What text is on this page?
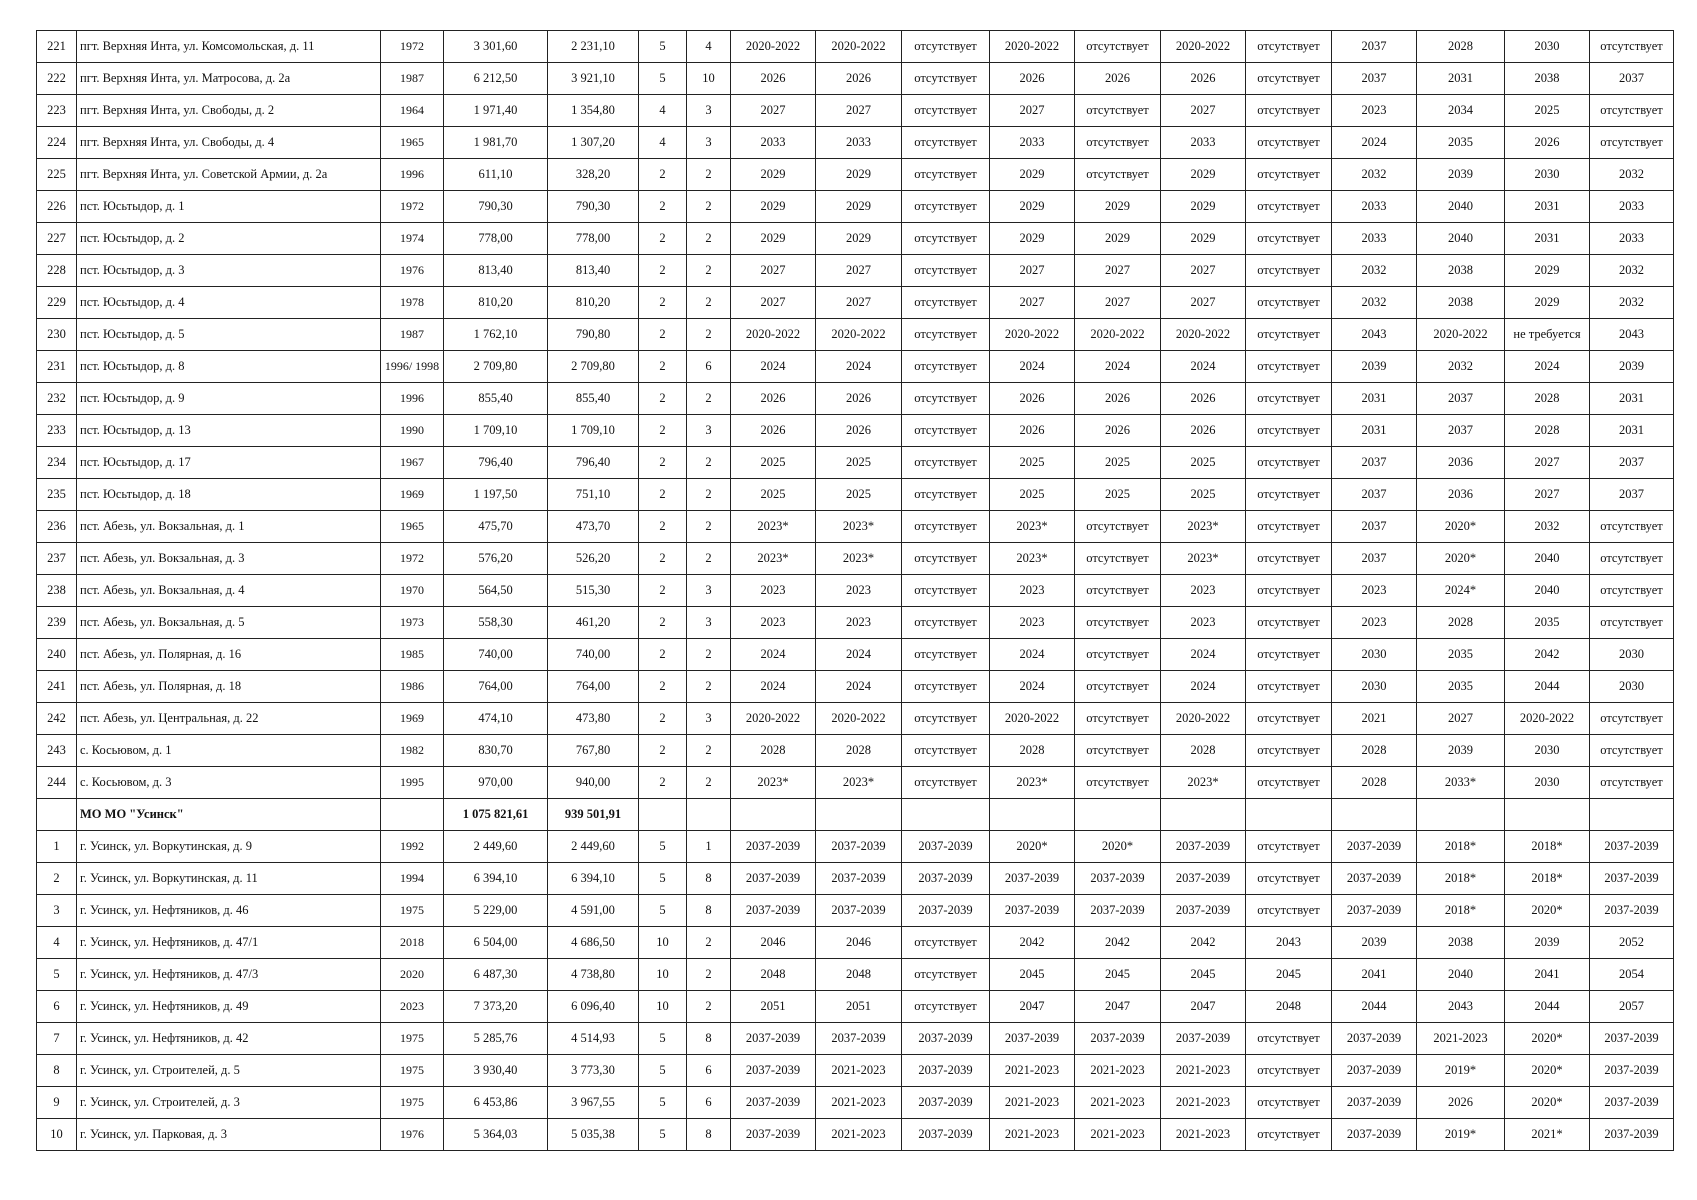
221	пгт. Верхняя Инта, ул. Комсомольская, д. 11	1972	3 301,60	2 231,10	5	4	2020-2022	2020-2022	отсутствует	2020-2022	отсутствует	2020-2022	отсутствует	2037	2028	2030	отсутствует
222	пгт. Верхняя Инта, ул. Матросова, д. 2а	1987	6 212,50	3 921,10	5	10	2026	2026	отсутствует	2026	2026	2026	отсутствует	2037	2031	2038	2037
223	пгт. Верхняя Инта, ул. Свободы, д. 2	1964	1 971,40	1 354,80	4	3	2027	2027	отсутствует	2027	отсутствует	2027	отсутствует	2023	2034	2025	отсутствует
224	пгт. Верхняя Инта, ул. Свободы, д. 4	1965	1 981,70	1 307,20	4	3	2033	2033	отсутствует	2033	отсутствует	2033	отсутствует	2024	2035	2026	отсутствует
225	пгт. Верхняя Инта, ул. Советской Армии, д. 2а	1996	611,10	328,20	2	2	2029	2029	отсутствует	2029	отсутствует	2029	отсутствует	2032	2039	2030	2032
226	пст. Юсьтыдор, д. 1	1972	790,30	790,30	2	2	2029	2029	отсутствует	2029	2029	2029	отсутствует	2033	2040	2031	2033
227	пст. Юсьтыдор, д. 2	1974	778,00	778,00	2	2	2029	2029	отсутствует	2029	2029	2029	отсутствует	2033	2040	2031	2033
228	пст. Юсьтыдор, д. 3	1976	813,40	813,40	2	2	2027	2027	отсутствует	2027	2027	2027	отсутствует	2032	2038	2029	2032
229	пст. Юсьтыдор, д. 4	1978	810,20	810,20	2	2	2027	2027	отсутствует	2027	2027	2027	отсутствует	2032	2038	2029	2032
230	пст. Юсьтыдор, д. 5	1987	1 762,10	790,80	2	2	2020-2022	2020-2022	отсутствует	2020-2022	2020-2022	2020-2022	отсутствует	2043	2020-2022	не требуется	2043
231	пст. Юсьтыдор, д. 8	1996/ 1998	2 709,80	2 709,80	2	6	2024	2024	отсутствует	2024	2024	2024	отсутствует	2039	2032	2024	2039
232	пст. Юсьтыдор, д. 9	1996	855,40	855,40	2	2	2026	2026	отсутствует	2026	2026	2026	отсутствует	2031	2037	2028	2031
233	пст. Юсьтыдор, д. 13	1990	1 709,10	1 709,10	2	3	2026	2026	отсутствует	2026	2026	2026	отсутствует	2031	2037	2028	2031
234	пст. Юсьтыдор, д. 17	1967	796,40	796,40	2	2	2025	2025	отсутствует	2025	2025	2025	отсутствует	2037	2036	2027	2037
235	пст. Юсьтыдор, д. 18	1969	1 197,50	751,10	2	2	2025	2025	отсутствует	2025	2025	2025	отсутствует	2037	2036	2027	2037
236	пст. Абезь, ул. Вокзальная, д. 1	1965	475,70	473,70	2	2	2023*	2023*	отсутствует	2023*	отсутствует	2023*	отсутствует	2037	2020*	2032	отсутствует
237	пст. Абезь, ул. Вокзальная, д. 3	1972	576,20	526,20	2	2	2023*	2023*	отсутствует	2023*	отсутствует	2023*	отсутствует	2037	2020*	2040	отсутствует
238	пст. Абезь, ул. Вокзальная, д. 4	1970	564,50	515,30	2	3	2023	2023	отсутствует	2023	отсутствует	2023	отсутствует	2023	2024*	2040	отсутствует
239	пст. Абезь, ул. Вокзальная, д. 5	1973	558,30	461,20	2	3	2023	2023	отсутствует	2023	отсутствует	2023	отсутствует	2023	2028	2035	отсутствует
240	пст. Абезь, ул. Полярная, д. 16	1985	740,00	740,00	2	2	2024	2024	отсутствует	2024	отсутствует	2024	отсутствует	2030	2035	2042	2030
241	пст. Абезь, ул. Полярная, д. 18	1986	764,00	764,00	2	2	2024	2024	отсутствует	2024	отсутствует	2024	отсутствует	2030	2035	2044	2030
242	пст. Абезь, ул. Центральная, д. 22	1969	474,10	473,80	2	3	2020-2022	2020-2022	отсутствует	2020-2022	отсутствует	2020-2022	отсутствует	2021	2027	2020-2022	отсутствует
243	с. Косьювом, д. 1	1982	830,70	767,80	2	2	2028	2028	отсутствует	2028	отсутствует	2028	отсутствует	2028	2039	2030	отсутствует
244	с. Косьювом, д. 3	1995	970,00	940,00	2	2	2023*	2023*	отсутствует	2023*	отсутствует	2023*	отсутствует	2028	2033*	2030	отсутствует
	МО МО "Усинск"		1 075 821,61	939 501,91													
1	г. Усинск, ул. Воркутинская, д. 9	1992	2 449,60	2 449,60	5	1	2037-2039	2037-2039	2037-2039	2020*	2020*	2037-2039	отсутствует	2037-2039	2018*	2018*	2037-2039
2	г. Усинск, ул. Воркутинская, д. 11	1994	6 394,10	6 394,10	5	8	2037-2039	2037-2039	2037-2039	2037-2039	2037-2039	2037-2039	отсутствует	2037-2039	2018*	2018*	2037-2039
3	г. Усинск, ул. Нефтяников, д. 46	1975	5 229,00	4 591,00	5	8	2037-2039	2037-2039	2037-2039	2037-2039	2037-2039	2037-2039	отсутствует	2037-2039	2018*	2020*	2037-2039
4	г. Усинск, ул. Нефтяников, д. 47/1	2018	6 504,00	4 686,50	10	2	2046	2046	отсутствует	2042	2042	2042	2043	2039	2038	2039	2052
5	г. Усинск, ул. Нефтяников, д. 47/3	2020	6 487,30	4 738,80	10	2	2048	2048	отсутствует	2045	2045	2045	2045	2041	2040	2041	2054
6	г. Усинск, ул. Нефтяников, д. 49	2023	7 373,20	6 096,40	10	2	2051	2051	отсутствует	2047	2047	2047	2048	2044	2043	2044	2057
7	г. Усинск, ул. Нефтяников, д. 42	1975	5 285,76	4 514,93	5	8	2037-2039	2037-2039	2037-2039	2037-2039	2037-2039	2037-2039	отсутствует	2037-2039	2021-2023	2020*	2037-2039
8	г. Усинск, ул. Строителей, д. 5	1975	3 930,40	3 773,30	5	6	2037-2039	2021-2023	2037-2039	2021-2023	2021-2023	2021-2023	отсутствует	2037-2039	2019*	2020*	2037-2039
9	г. Усинск, ул. Строителей, д. 3	1975	6 453,86	3 967,55	5	6	2037-2039	2021-2023	2037-2039	2021-2023	2021-2023	2021-2023	отсутствует	2037-2039	2026	2020*	2037-2039
10	г. Усинск, ул. Парковая, д. 3	1976	5 364,03	5 035,38	5	8	2037-2039	2021-2023	2037-2039	2021-2023	2021-2023	2021-2023	отсутствует	2037-2039	2019*	2021*	2037-2039
